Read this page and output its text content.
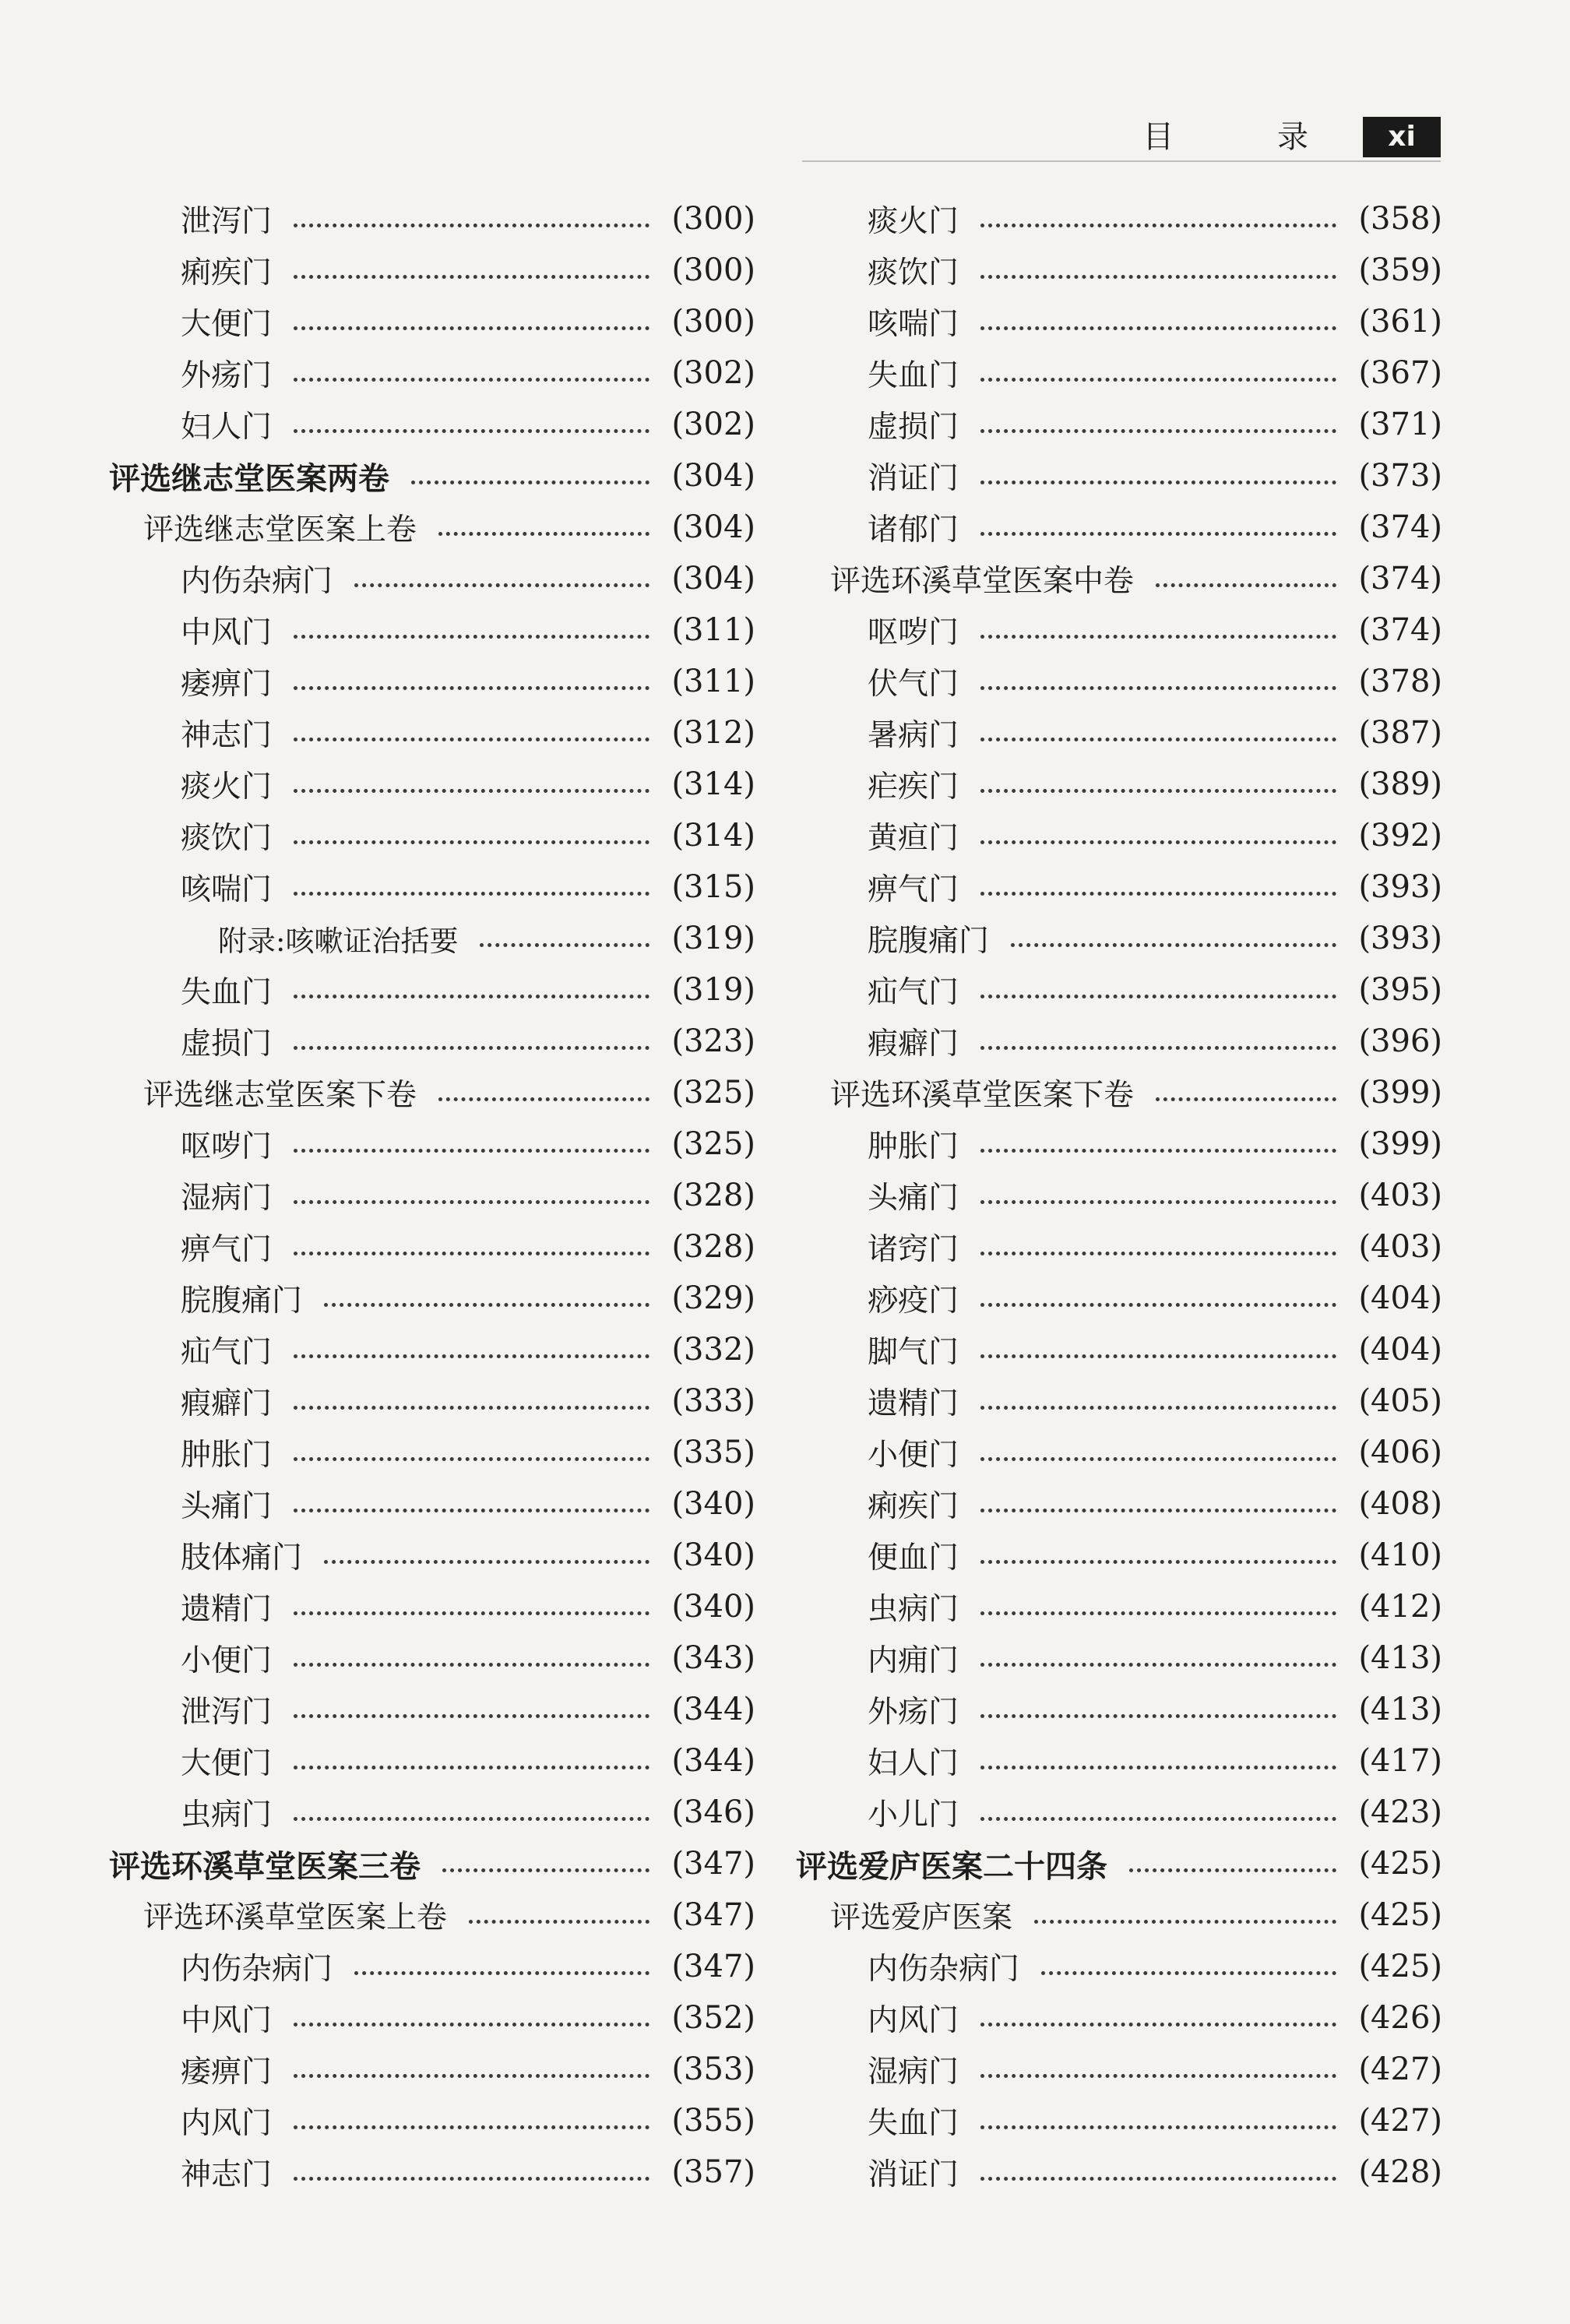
目 录	xi
泄泻门	(300)
痢疾门	(300)
大便门	(300)
外疡门	(302)
妇人门	(302)
评选继志堂医案两卷	(304)
评选继志堂医案上卷	(304)
内伤杂病门	(304)
中风门	(311)
痿痹门	(311)
神志门	(312)
痰火门	(314)
痰饮门	(314)
咳喘门	(315)
附录:咳嗽证治括要	(319)
失血门	(319)
虚损门	(323)
评选继志堂医案下卷	(325)
呕哕门	(325)
湿病门	(328)
痹气门	(328)
脘腹痛门	(329)
疝气门	(332)
瘕癖门	(333)
肿胀门	(335)
头痛门	(340)
肢体痛门	(340)
遗精门	(340)
小便门	(343)
泄泻门	(344)
大便门	(344)
虫病门	(346)
评选环溪草堂医案三卷	(347)
评选环溪草堂医案上卷	(347)
内伤杂病门	(347)
中风门	(352)
痿痹门	(353)
内风门	(355)
神志门	(357)
痰火门	(358)
痰饮门	(359)
咳喘门	(361)
失血门	(367)
虚损门	(371)
消证门	(373)
诸郁门	(374)
评选环溪草堂医案中卷	(374)
呕哕门	(374)
伏气门	(378)
暑病门	(387)
疟疾门	(389)
黄疸门	(392)
痹气门	(393)
脘腹痛门	(393)
疝气门	(395)
瘕癖门	(396)
评选环溪草堂医案下卷	(399)
肿胀门	(399)
头痛门	(403)
诸窍门	(403)
痧疫门	(404)
脚气门	(404)
遗精门	(405)
小便门	(406)
痢疾门	(408)
便血门	(410)
虫病门	(412)
内痈门	(413)
外疡门	(413)
妇人门	(417)
小儿门	(423)
评选爱庐医案二十四条	(425)
评选爱庐医案	(425)
内伤杂病门	(425)
内风门	(426)
湿病门	(427)
失血门	(427)
消证门	(428)
